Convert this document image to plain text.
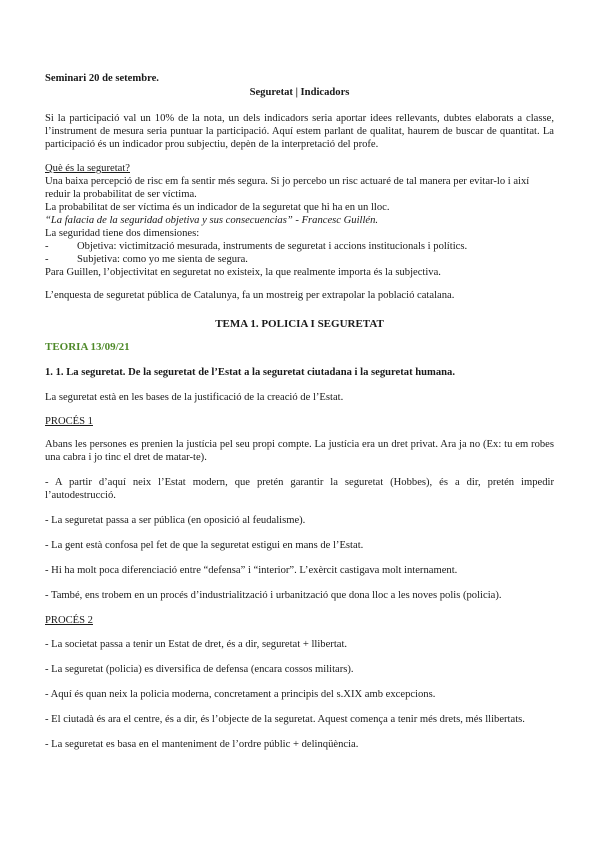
Seminari 20 de setembre.
Seguretat | Indicadors
Si la participació val un 10% de la nota, un dels indicadors seria aportar idees rellevants, dubtes elaborats a classe, l’instrument de mesura seria puntuar la participació. Aquí estem parlant de qualitat, haurem de buscar de quantitat. La participació és un indicador prou subjectiu, depèn de la interpretació del profe.
Què és la seguretat?
Una baixa percepció de risc em fa sentir més segura. Si jo percebo un risc actuaré de tal manera per evitar-lo i així reduir la probabilitat de ser víctima.
La probabilitat de ser víctima és un indicador de la seguretat que hi ha en un lloc.
“La falacia de la seguridad objetiva y sus consecuencias” - Francesc Guillén.
La seguridad tiene dos dimensiones:
-	Objetiva: victimització mesurada, instruments de seguretat i accions institucionals i polítics.
-	Subjetiva: como yo me sienta de segura.
Para Guillen, l’objectivitat en seguretat no existeix, la que realmente importa és la subjectiva.
L’enquesta de seguretat pública de Catalunya, fa un mostreig per extrapolar la població catalana.
TEMA 1. POLICIA I SEGURETAT
TEORIA 13/09/21
1. 1. La seguretat. De la seguretat de l’Estat a la seguretat ciutadana i la seguretat humana.
La seguretat està en les bases de la justificació de la creació de l’Estat.
PROCÉS 1
Abans les persones es prenien la justícia pel seu propi compte. La justícia era un dret privat. Ara ja no (Ex: tu em robes una cabra i jo tinc el dret de matar-te).
- A partir d’aquí neix l’Estat modern, que pretén garantir la seguretat (Hobbes), és a dir, pretén impedir l’autodestrucció.
- La seguretat passa a ser pública (en oposició al feudalisme).
- La gent està confosa pel fet de que la seguretat estigui en mans de l’Estat.
- Hi ha molt poca diferenciació entre “defensa” i “interior”. L’exèrcit castigava molt internament.
- També, ens trobem en un procés d’industrialització i urbanització que dona lloc a les noves polis (policia).
PROCÉS 2
- La societat passa a tenir un Estat de dret, és a dir, seguretat + llibertat.
- La seguretat (policia) es diversifica de defensa (encara cossos militars).
- Aquí és quan neix la policia moderna, concretament a principis del s.XIX amb excepcions.
- El ciutadà és ara el centre, és a dir, és l’objecte de la seguretat. Aquest comença a tenir més drets, més llibertats.
- La seguretat es basa en el manteniment de l’ordre públic + delinqüència.
